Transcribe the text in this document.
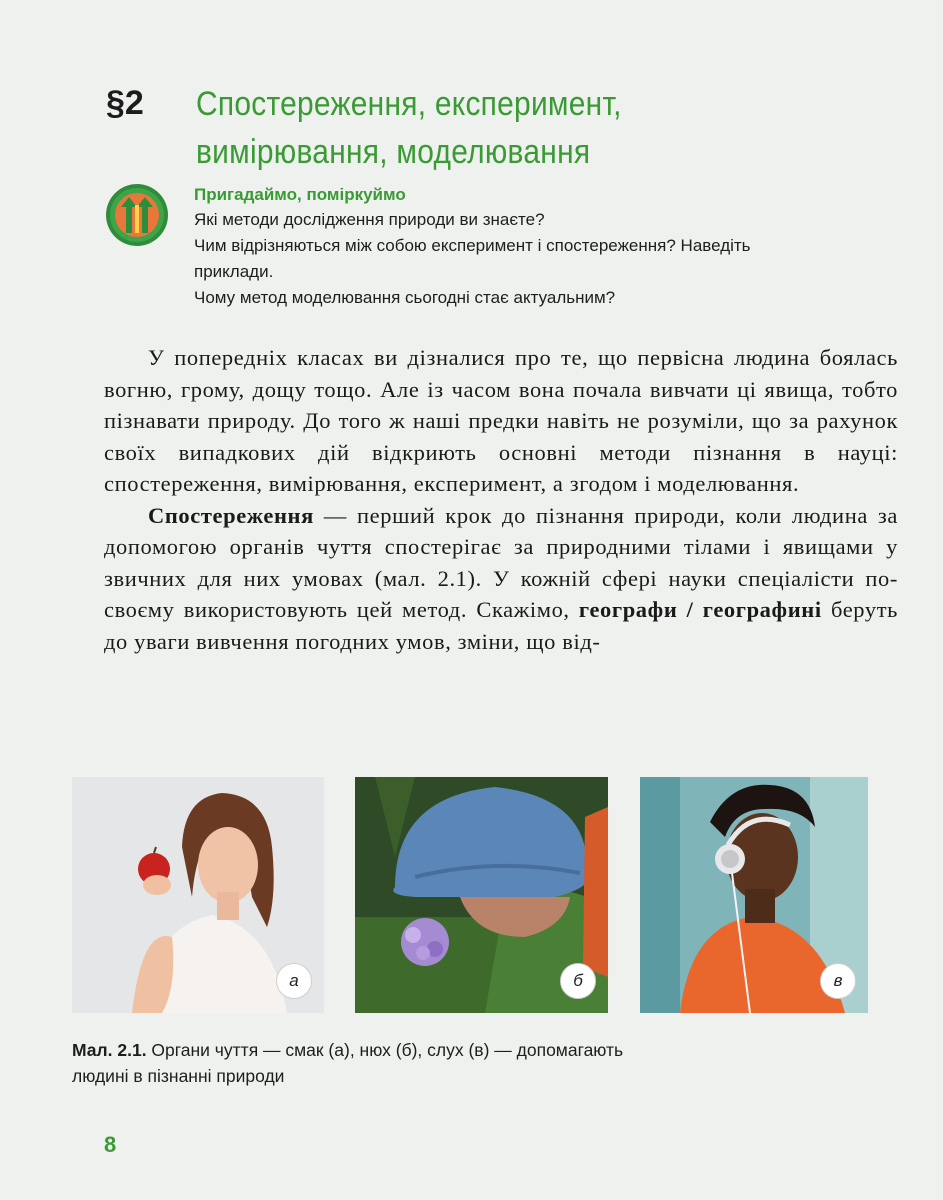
§2 Спостереження, експеримент,
вимірювання, моделювання
Пригадаймо, поміркуймо
Які методи дослідження природи ви знаєте?
Чим відрізняються між собою експеримент і спостереження? Наведіть
приклади.
Чому метод моделювання сьогодні стає актуальним?

У попередніх класах ви дізналися про те, що первісна людина боялась вогню, грому, дощу тощо. Але із часом вона почала вивчати ці явища, тобто пізнавати природу. До того ж наші предки навіть не розуміли, що за рахунок своїх випадкових дій відкриють основні методи пізнання в науці: спостереження, вимірювання, експеримент, а згодом і моделювання.

Спостереження — перший крок до пізнання природи, коли людина за допомогою органів чуття спостерігає за природними тілами і явищами у звичних для них умовах (мал. 2.1). У кожній сфері науки спеціалісти по-своєму використовують цей метод. Скажімо, географи / географині беруть до уваги вивчення погодних умов, зміни, що від-

а	б	в
Мал. 2.1. Органи чуття — смак (а), нюх (б), слух (в) — допомагають
людині в пізнанні природи
8
